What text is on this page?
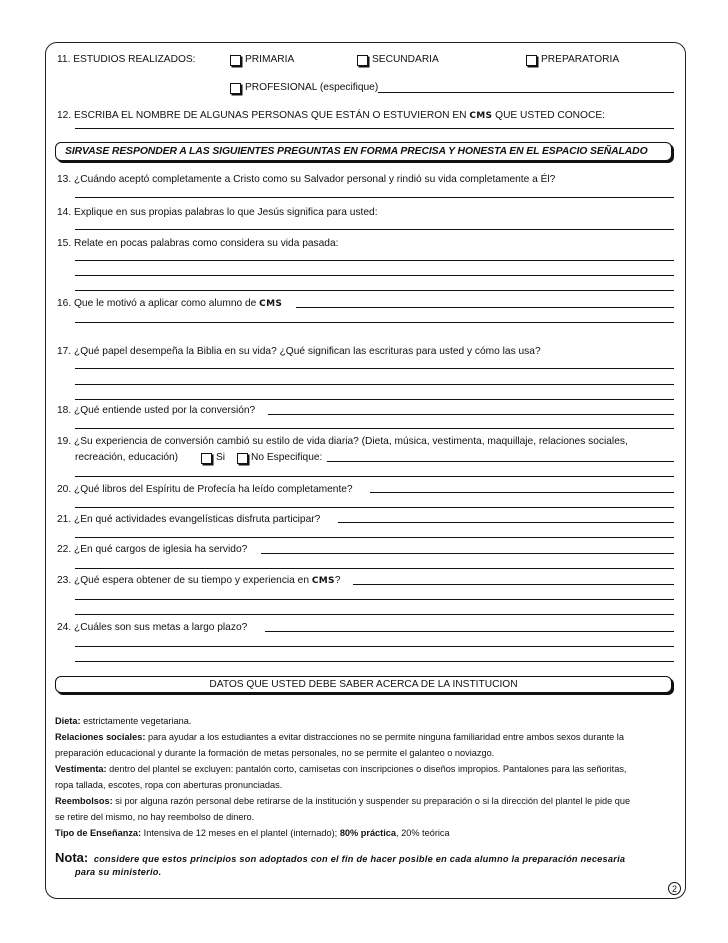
11. ESTUDIOS REALIZADOS:	PRIMARIA	SECUNDARIA	PREPARATORIA
PROFESIONAL (especifique)
12. ESCRIBA EL NOMBRE DE ALGUNAS PERSONAS QUE ESTÁN O ESTUVIERON EN CMS QUE USTED CONOCE:
SIRVASE RESPONDER A LAS SIGUIENTES PREGUNTAS EN FORMA PRECISA Y HONESTA EN EL ESPACIO SEÑALADO
13. ¿Cuándo aceptó completamente a Cristo como su Salvador personal y rindió su vida completamente a Él?
14. Explique en sus propias palabras lo que Jesús significa para usted:
15. Relate en pocas palabras como considera su vida pasada:
16. Que le motivó a aplicar como alumno de CMS
17. ¿Qué papel desempeña la Biblia en su vida? ¿Qué significan las escrituras para usted y cómo las usa?
18. ¿Qué entiende usted por la conversión?
19. ¿Su experiencia de conversión cambió su estilo de vida diaria? (Dieta, música, vestimenta, maquillaje, relaciones sociales,
recreación, educación)	Si	No Especifique:
20. ¿Qué libros del Espíritu de Profecía ha leído completamente?
21. ¿En qué actividades evangelísticas disfruta participar?
22. ¿En qué cargos de iglesia ha servido?
23. ¿Qué espera obtener de su tiempo y experiencia en CMS?
24. ¿Cuáles son sus metas a largo plazo?
DATOS QUE USTED DEBE SABER ACERCA DE LA INSTITUCION
Dieta: estrictamente vegetariana.
Relaciones sociales: para ayudar a los estudiantes a evitar distracciones no se permite ninguna familiaridad entre ambos sexos durante la
preparación educacional y durante la formación de metas personales, no se permite el galanteo o noviazgo.
Vestimenta: dentro del plantel se excluyen: pantalón corto, camisetas con inscripciones o diseños impropios. Pantalones para las señoritas,
ropa tallada, escotes, ropa con aberturas pronunciadas.
Reembolsos: si por alguna razón personal debe retirarse de la institución y suspender su preparación o si la dirección del plantel le pide que
se retire del mismo, no hay reembolso de dinero.
Tipo de Enseñanza: Intensiva de 12 meses en el plantel (internado); 80% práctica, 20% teórica
Nota: considere que estos principios son adoptados con el fin de hacer posible en cada alumno la preparación necesaria
para su ministerio.
2
